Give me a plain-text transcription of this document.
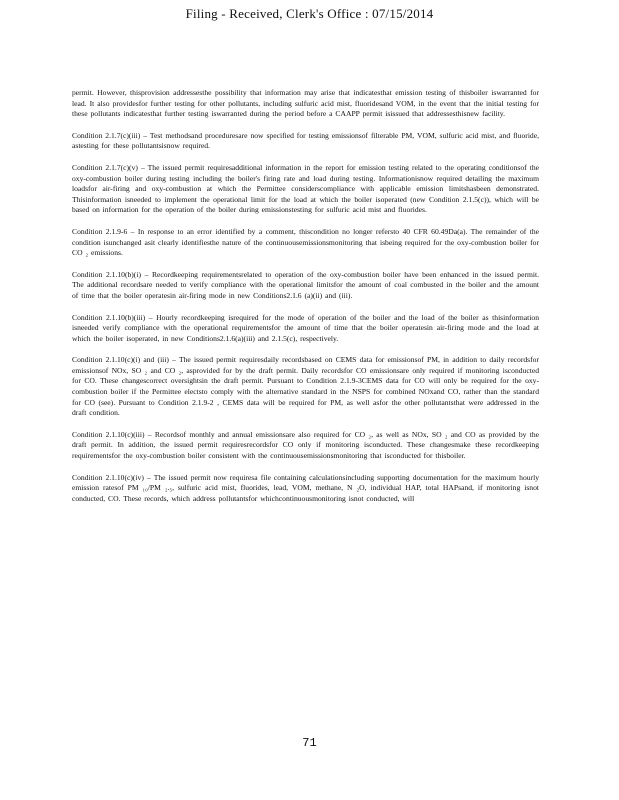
Filing - Received, Clerk's Office : 07/15/2014

permit. However, thisprovision addressesthe possibility that information may arise that indicatesthat emission testing of thisboiler iswarranted for lead. It also providesfor further testing for other pollutants, including sulfuric acid mist, fluoridesand VOM, in the event that the initial testing for these pollutants indicatesthat further testing iswarranted during the period before a CAAPP permit isissued that addressesthisnew facility.

Condition 2.1.7(c)(iii) – Test methodsand proceduresare now specified for testing emissionsof filterable PM, VOM, sulfuric acid mist, and fluoride, astesting for these pollutantsisnow required.

Condition 2.1.7(c)(v) – The issued permit requiresadditional information in the report for emission testing related to the operating conditionsof the oxy-combustion boiler during testing including the boiler's firing rate and load during testing. Informationisnow required detailing the maximum loadsfor air-firing and oxy-combustion at which the Permittee considerscompliance with applicable emission limitshasbeen demonstrated. Thisinformation isneeded to implement the operational limit for the load at which the boiler isoperated (new Condition 2.1.5(c)), which will be based on information for the operation of the boiler during emissionstesting for sulfuric acid mist and fluorides.

Condition 2.1.9-6 – In response to an error identified by a comment, thiscondition no longer refersto 40 CFR 60.49Da(a). The remainder of the condition isunchanged asit clearly identifiesthe nature of the continuousemissionsmonitoring that isbeing required for the oxy-combustion boiler for CO ₂ emissions.

Condition 2.1.10(b)(i) – Recordkeeping requirementsrelated to operation of the oxy-combustion boiler have been enhanced in the issued permit. The additional recordsare needed to verify compliance with the operational limitsfor the amount of coal combusted in the boiler and the amount of time that the boiler operatesin air-firing mode in new Conditions2.1.6 (a)(ii) and (iii).

Condition 2.1.10(b)(iii) – Hourly recordkeeping isrequired for the mode of operation of the boiler and the load of the boiler as thisinformation isneeded verify compliance with the operational requirementsfor the amount of time that the boiler operatesin air-firing mode and the load at which the boiler isoperated, in new Conditions2.1.6(a)(iii) and 2.1.5(c), respectively.

Condition 2.1.10(c)(i) and (iii) – The issued permit requiresdaily recordsbased on CEMS data for emissionsof PM, in addition to daily recordsfor emissionsof NOx, SO ₂ and CO ₂, asprovided for by the draft permit. Daily recordsfor CO emissionsare only required if monitoring isconducted for CO. These changescorrect oversightsin the draft permit. Pursuant to Condition 2.1.9-3CEMS data for CO will only be required for the oxy-combustion boiler if the Permittee electsto comply with the alternative standard in the NSPS for combined NOxand CO, rather than the standard for CO (see). Pursuant to Condition 2.1.9-2 , CEMS data will be required for PM, as well asfor the other pollutantsthat were addressed in the draft condition.

Condition 2.1.10(c)(iii) – Recordsof monthly and annual emissionsare also required for CO ₂, as well as NOx, SO ₂ and CO as provided by the draft permit. In addition, the issued permit requiresrecordsfor CO only if monitoring isconducted. These changesmake these recordkeeping requirementsfor the oxy-combustion boiler consistent with the continuousemissionsmonitoring that isconducted for thisboiler.

Condition 2.1.10(c)(iv) – The issued permit now requiresa file containing calculationsincluding supporting documentation for the maximum hourly emission ratesof PM ₁₀/PM ₂.₅, sulfuric acid mist, fluorides, lead, VOM, methane, N ₂O, individual HAP, total HAPsand, if monitoring isnot conducted, CO. These records, which address pollutantsfor whichcontinuousmonitoring isnot conducted, will

71
